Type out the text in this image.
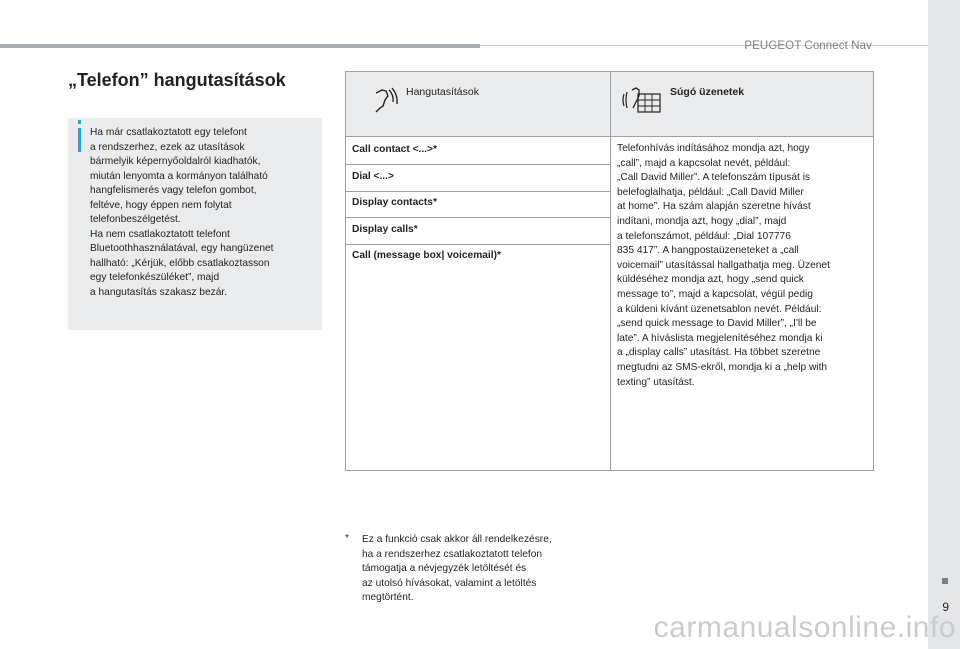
PEUGEOT Connect Nav
9
„Telefon” hangutasítások
Ha már csatlakoztatott egy telefont
a rendszerhez, ezek az utasítások
bármelyik képernyőoldalról kiadhatók,
miután lenyomta a kormányon található
hangfelismerés vagy telefon gombot,
feltéve, hogy éppen nem folytat
telefonbeszélgetést.
Ha nem csatlakoztatott telefont
Bluetoothhasználatával, egy hangüzenet
hallható: „Kérjük, előbb csatlakoztasson
egy telefonkészüléket”, majd
a hangutasítás szakasz bezár.
Hangutasítások	Súgó üzenetek
Call contact <...>*
Dial <...>
Display contacts*
Display calls*
Call (message box| voicemail)*
Telefonhívás indításához mondja azt, hogy
„call”, majd a kapcsolat nevét, például:
„Call David Miller”. A telefonszám típusát is
belefoglalhatja, például: „Call David Miller
at home”. Ha szám alapján szeretne hívást
indítani, mondja azt, hogy „dial”, majd
a telefonszámot, például: „Dial 107776
835 417”. A hangpostaüzeneteket a „call
voicemail” utasítással hallgathatja meg. Üzenet
küldéséhez mondja azt, hogy „send quick
message to”, majd a kapcsolat, végül pedig
a küldeni kívánt üzenetsablon nevét. Például:
„send quick message to David Miller”, „I'll be
late”. A híváslista megjelenítéséhez mondja ki
a „display calls” utasítást. Ha többet szeretne
megtudni az SMS-ekről, mondja ki a „help with
texting” utasítást.
* Ez a funkció csak akkor áll rendelkezésre,
ha a rendszerhez csatlakoztatott telefon
támogatja a névjegyzék letöltését és
az utolsó hívásokat, valamint a letöltés
megtörtént.
carmanualsonline.info
